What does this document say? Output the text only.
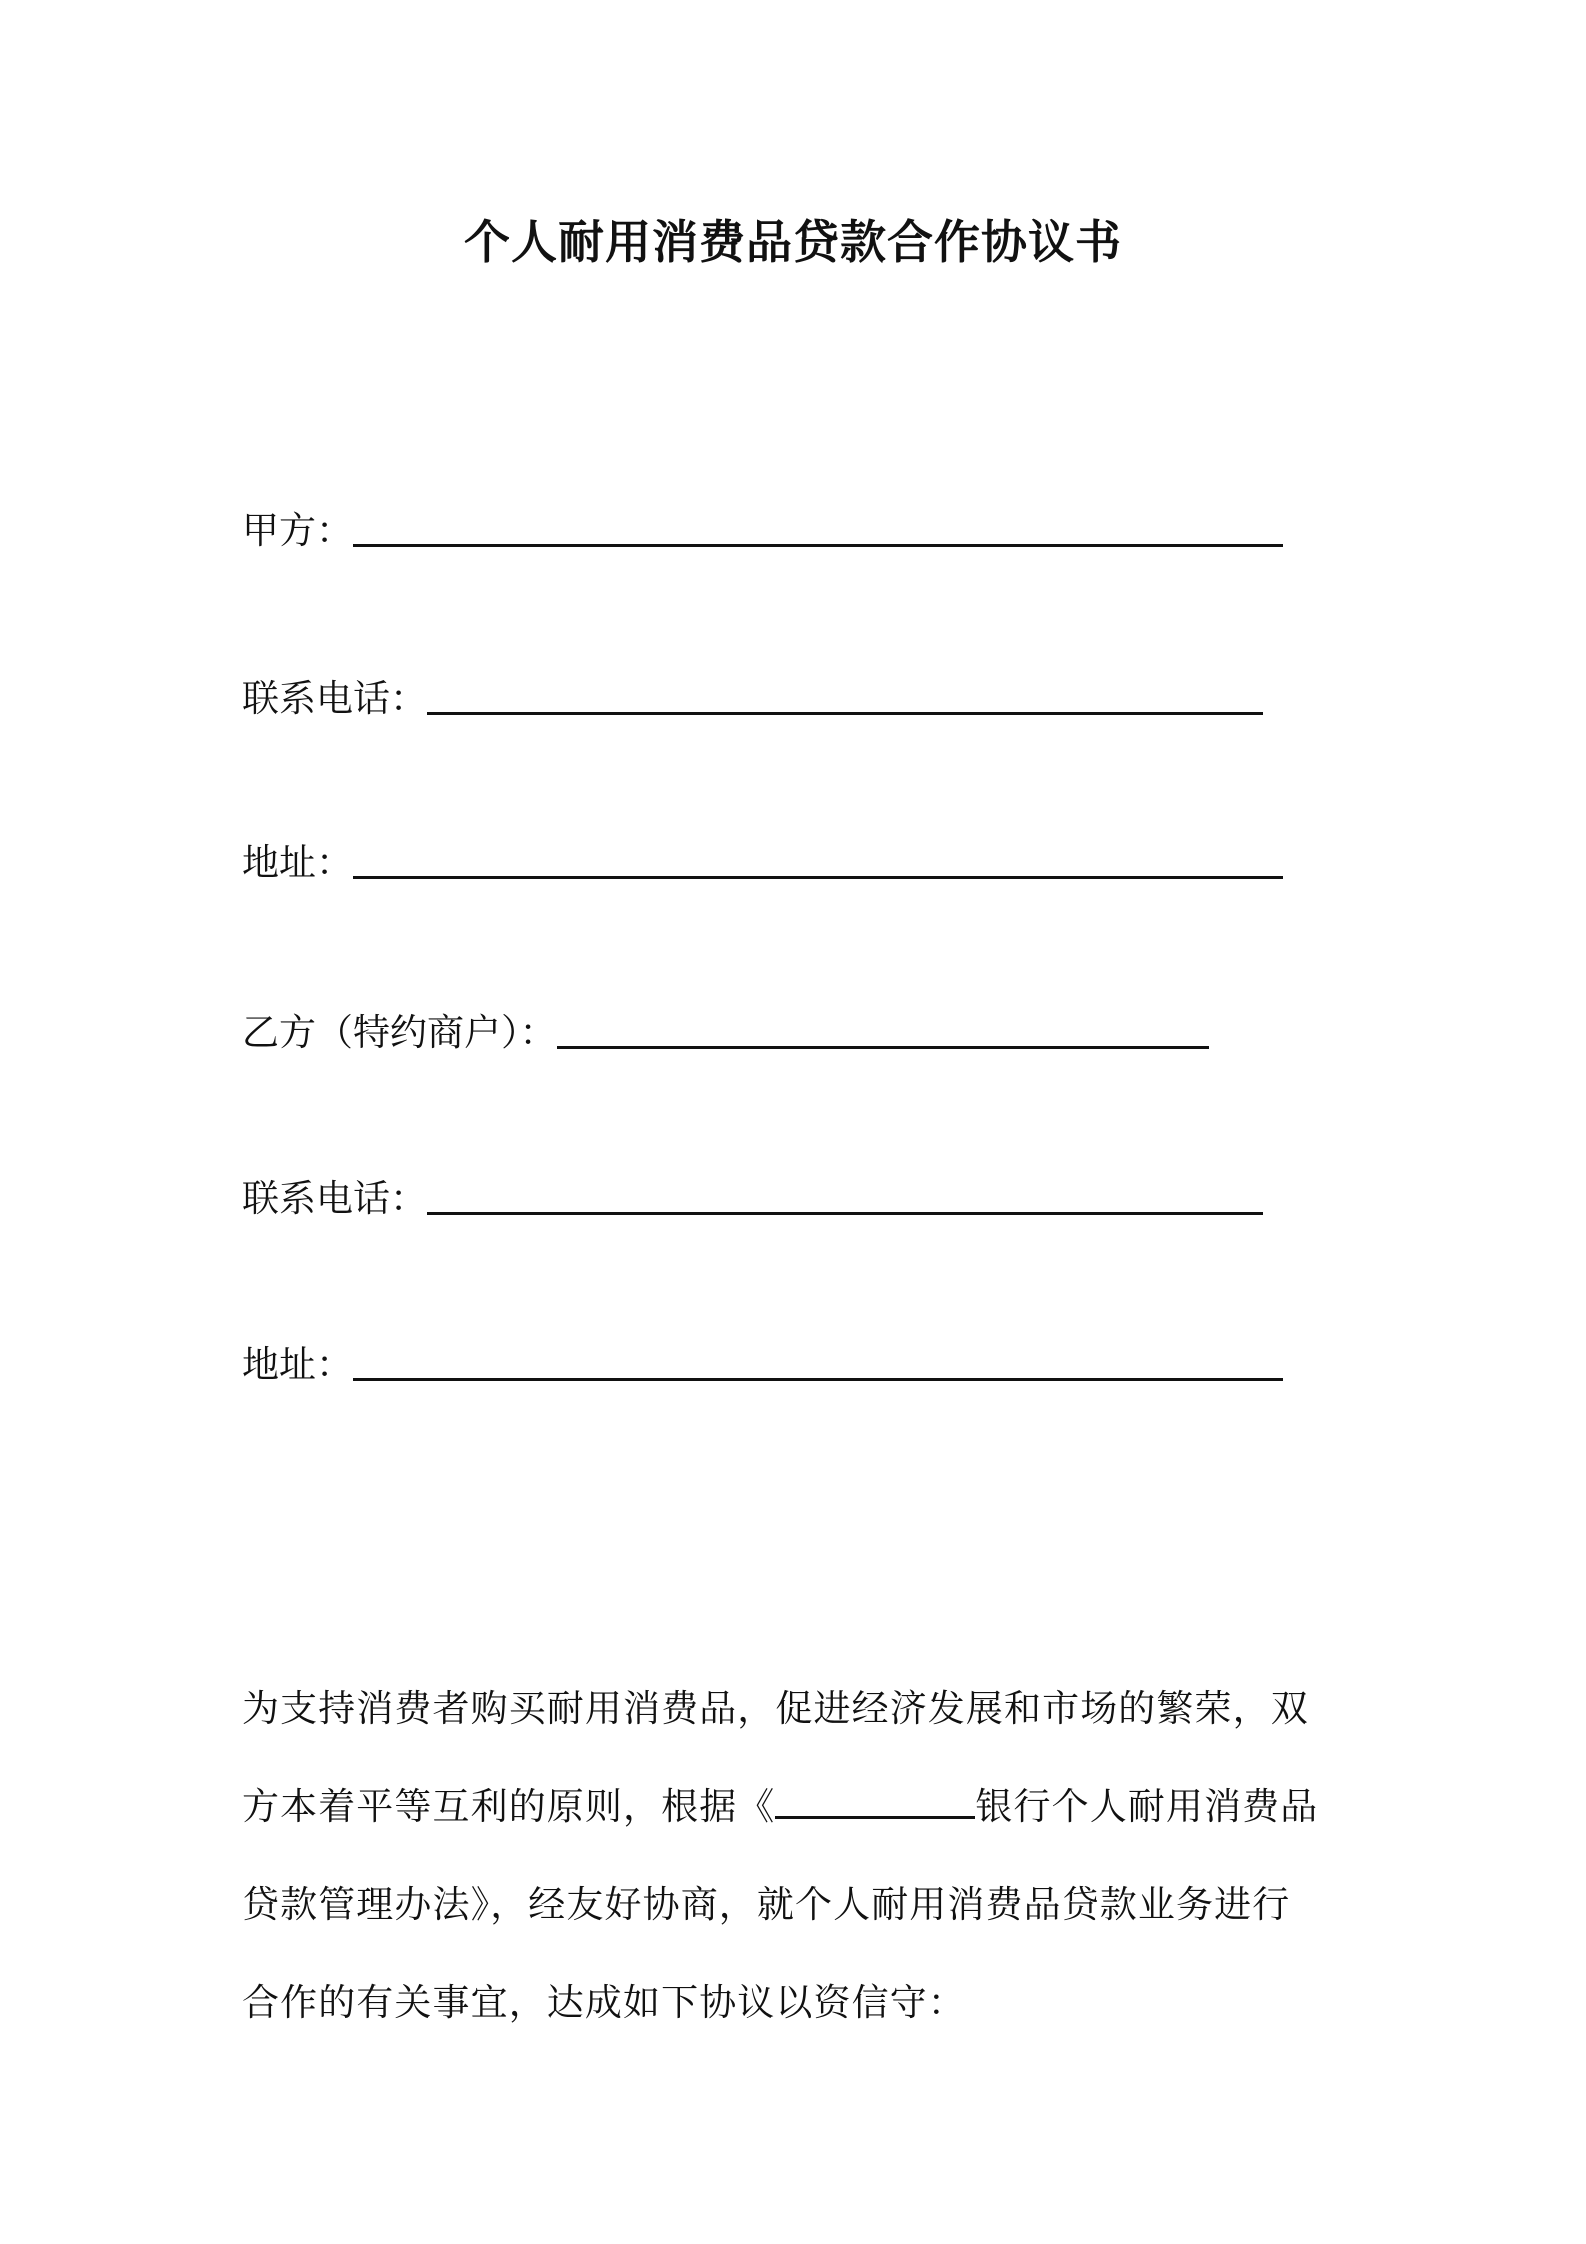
个人耐用消费品贷款合作协议书
甲方：
联系电话：
地址：
乙方（特约商户）：
联系电话：
地址：
为支持消费者购买耐用消费品，促进经济发展和市场的繁荣，双
方本着平等互利的原则，根据《	银行个人耐用消费品
贷款管理办法》，经友好协商，就个人耐用消费品贷款业务进行
合作的有关事宜，达成如下协议以资信守：
